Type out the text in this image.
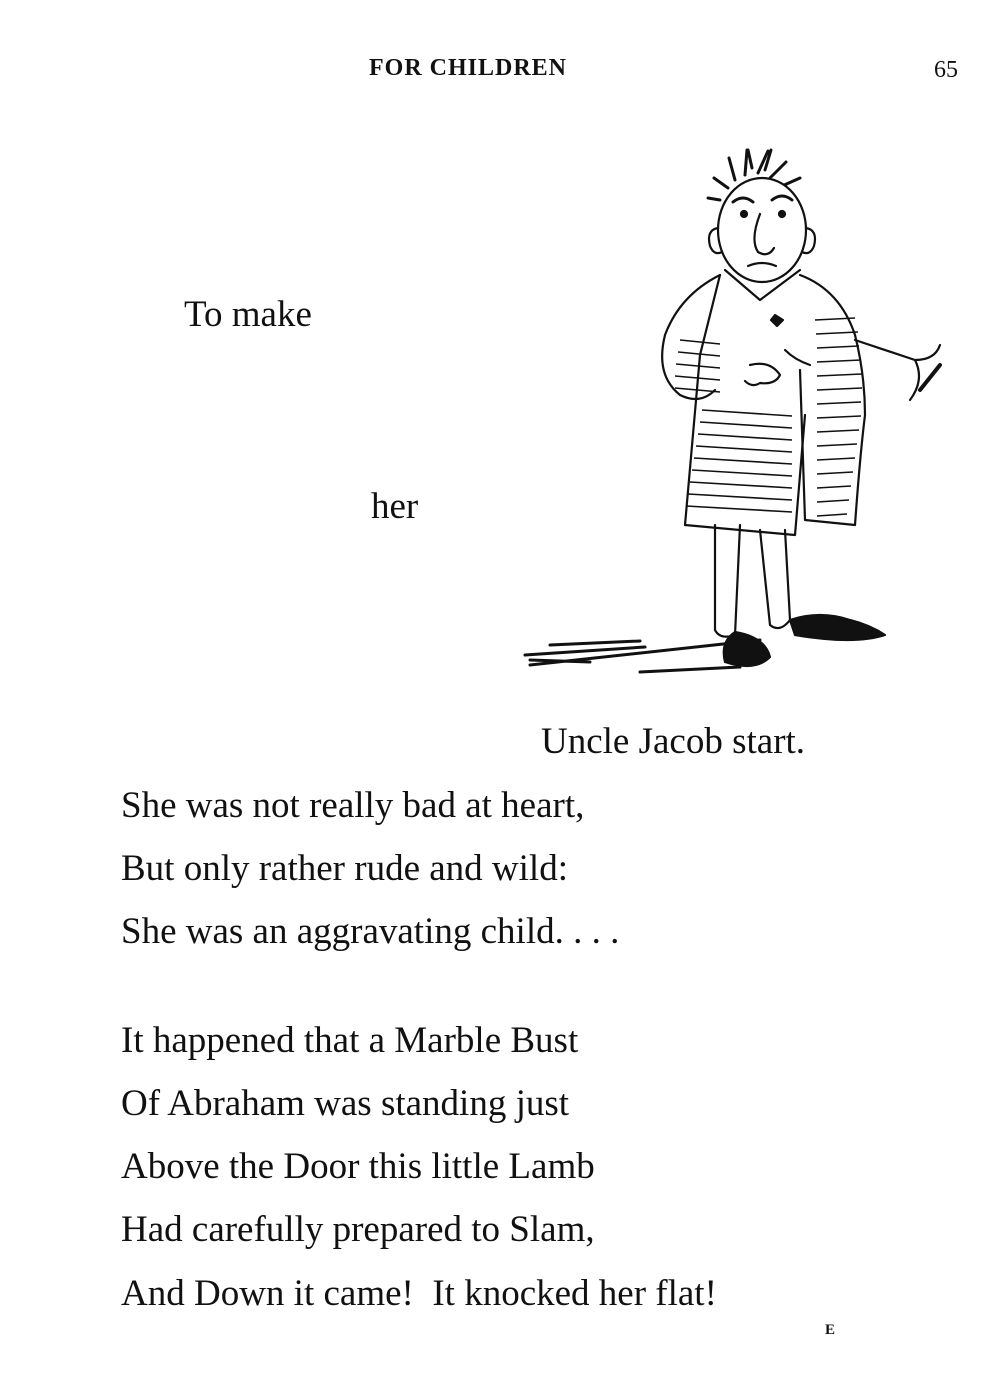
FOR CHILDREN	65
To make
her
Uncle Jacob start.
She was not really bad at heart,
But only rather rude and wild:
She was an aggravating child. . . .
It happened that a Marble Bust
Of Abraham was standing just
Above the Door this little Lamb
Had carefully prepared to Slam,
And Down it came!  It knocked her flat!
E
